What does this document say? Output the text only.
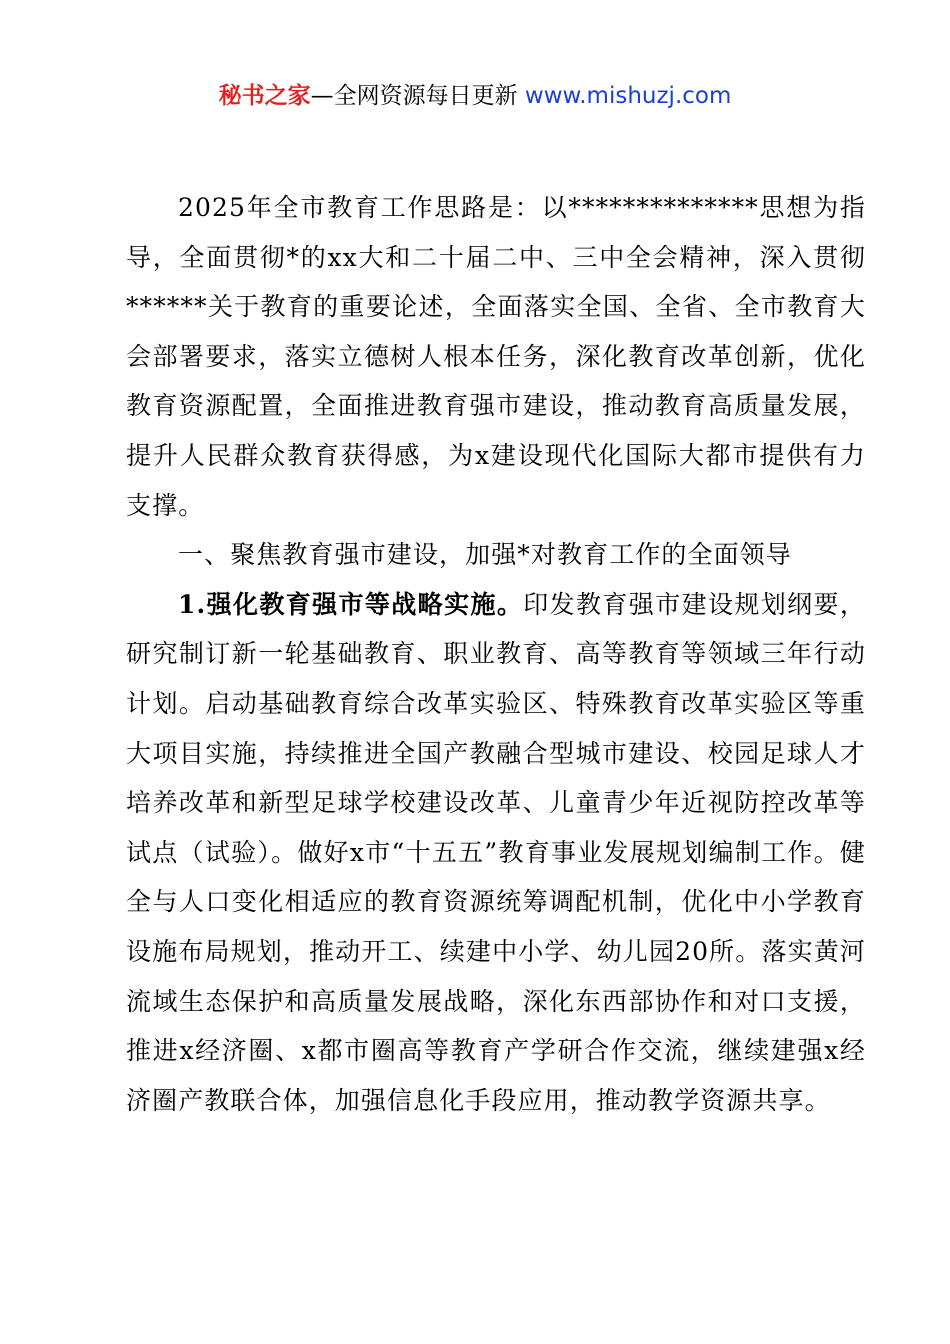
秘书之家—全网资源每日更新 www.mishuzj.com

2025年全市教育工作思路是：以**************思想为指导，全面贯彻*的xx大和二十届二中、三中全会精神，深入贯彻******关于教育的重要论述，全面落实全国、全省、全市教育大会部署要求，落实立德树人根本任务，深化教育改革创新，优化教育资源配置，全面推进教育强市建设，推动教育高质量发展，提升人民群众教育获得感，为x建设现代化国际大都市提供有力支撑。

一、聚焦教育强市建设，加强*对教育工作的全面领导

1.强化教育强市等战略实施。印发教育强市建设规划纲要，研究制订新一轮基础教育、职业教育、高等教育等领域三年行动计划。启动基础教育综合改革实验区、特殊教育改革实验区等重大项目实施，持续推进全国产教融合型城市建设、校园足球人才培养改革和新型足球学校建设改革、儿童青少年近视防控改革等试点（试验）。做好x市“十五五”教育事业发展规划编制工作。健全与人口变化相适应的教育资源统筹调配机制，优化中小学教育设施布局规划，推动开工、续建中小学、幼儿园20所。落实黄河流域生态保护和高质量发展战略，深化东西部协作和对口支援，推进x经济圈、x都市圈高等教育产学研合作交流，继续建强x经济圈产教联合体，加强信息化手段应用，推动教学资源共享。
